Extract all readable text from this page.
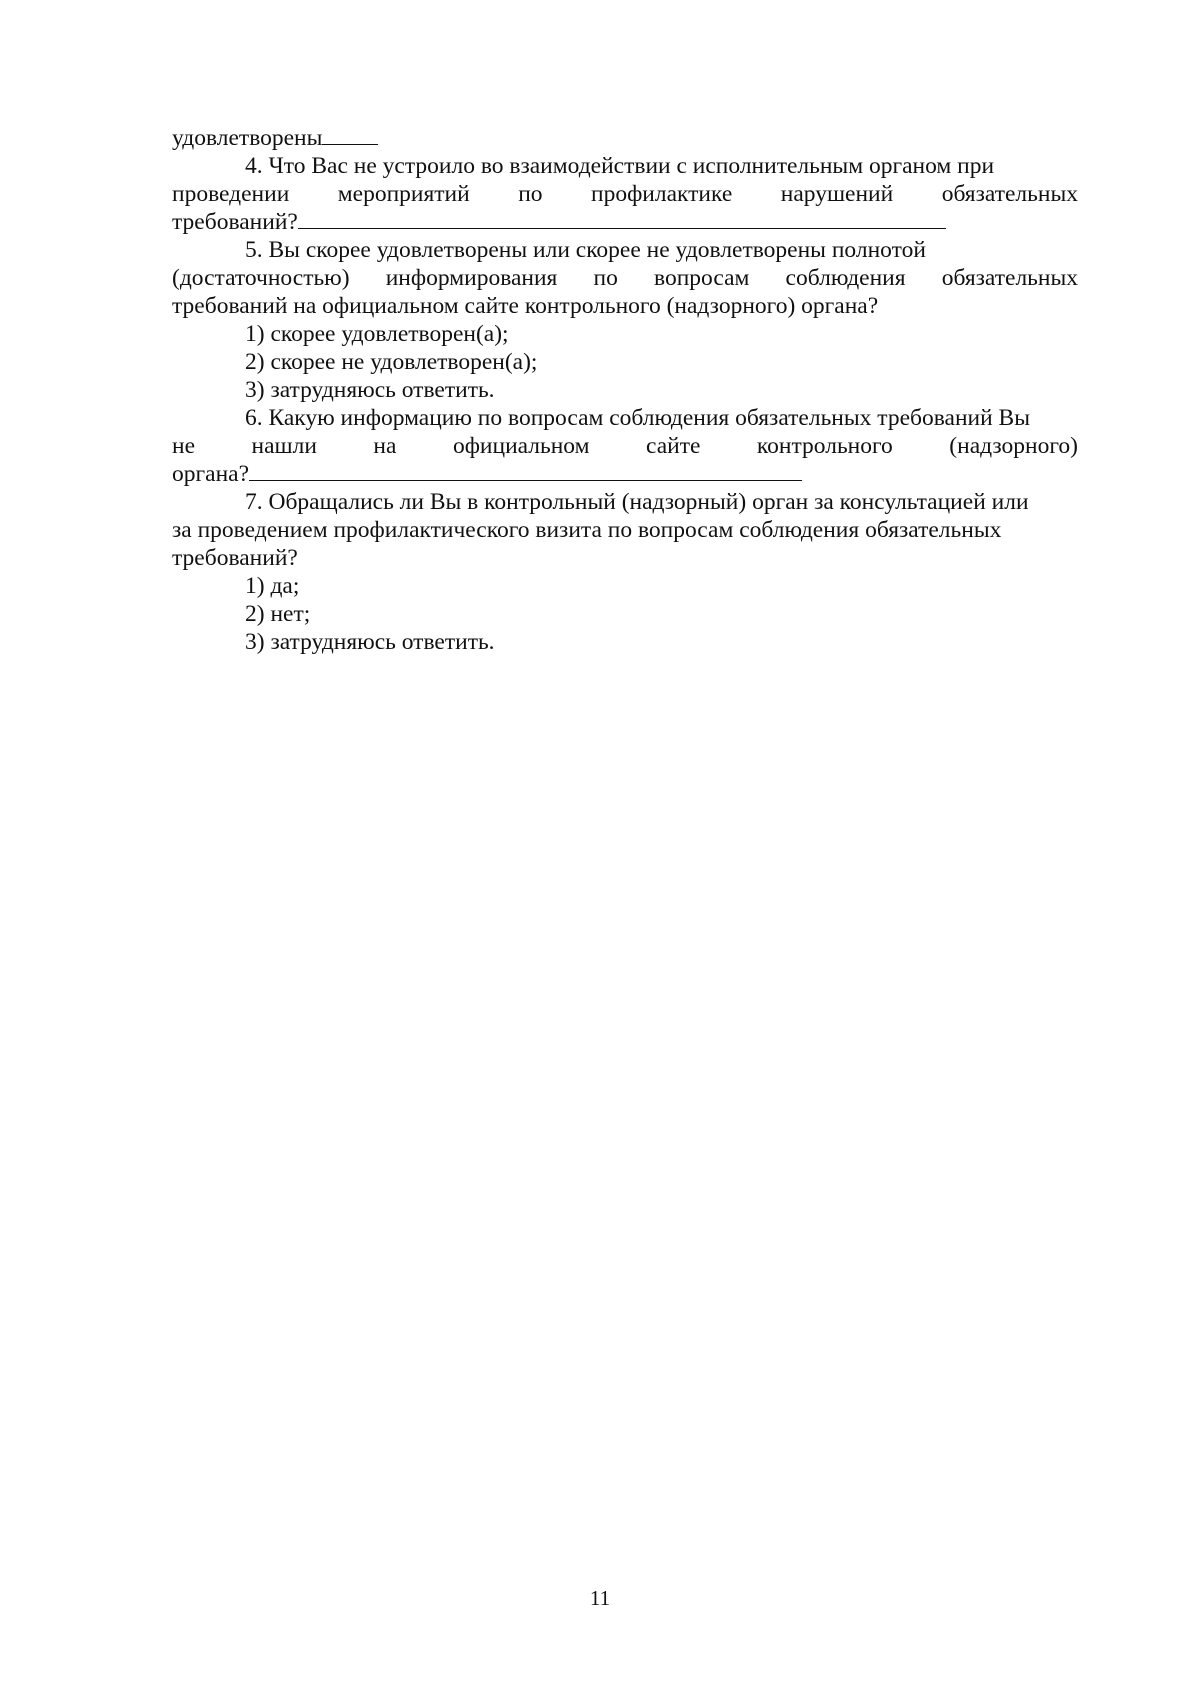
удовлетворены
4. Что Вас не устроило во взаимодействии с исполнительным органом при
проведении мероприятий по профилактике нарушений обязательных
требований?
5. Вы скорее удовлетворены или скорее не удовлетворены полнотой
(достаточностью) информирования по вопросам соблюдения обязательных
требований на официальном сайте контрольного (надзорного) органа?
1) скорее удовлетворен(а);
2) скорее не удовлетворен(а);
3) затрудняюсь ответить.
6. Какую информацию по вопросам соблюдения обязательных требований Вы
не нашли на официальном сайте контрольного (надзорного)
органа?
7. Обращались ли Вы в контрольный (надзорный) орган за консультацией или
за проведением профилактического визита по вопросам соблюдения обязательных
требований?
1) да;
2) нет;
3) затрудняюсь ответить.
11
